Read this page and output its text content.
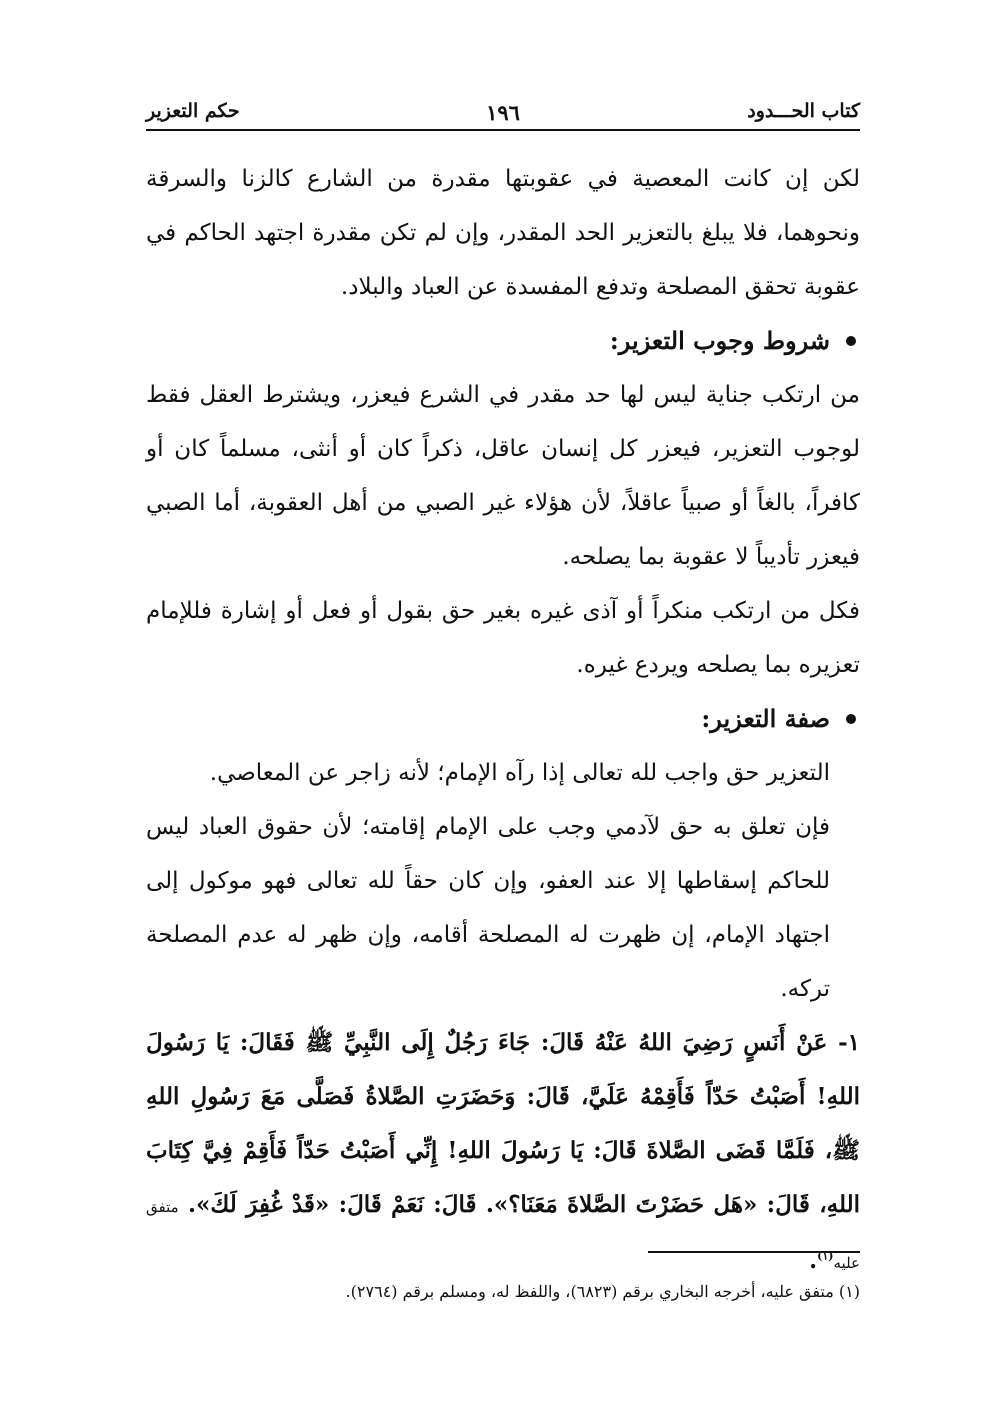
كتاب الحـــدود
١٩٦
حكم التعزير

لكن إن كانت المعصية في عقوبتها مقدرة من الشارع كالزنا والسرقة ونحوهما، فلا يبلغ بالتعزير الحد المقدر، وإن لم تكن مقدرة اجتهد الحاكم في عقوبة تحقق المصلحة وتدفع المفسدة عن العباد والبلاد.

شروط وجوب التعزير:

من ارتكب جناية ليس لها حد مقدر في الشرع فيعزر، ويشترط العقل فقط لوجوب التعزير، فيعزر كل إنسان عاقل، ذكراً كان أو أنثى، مسلماً كان أو كافراً، بالغاً أو صبياً عاقلاً، لأن هؤلاء غير الصبي من أهل العقوبة، أما الصبي فيعزر تأديباً لا عقوبة بما يصلحه.

فكل من ارتكب منكراً أو آذى غيره بغير حق بقول أو فعل أو إشارة فللإمام تعزيره بما يصلحه ويردع غيره.

صفة التعزير:

التعزير حق واجب لله تعالى إذا رآه الإمام؛ لأنه زاجر عن المعاصي.

فإن تعلق به حق لآدمي وجب على الإمام إقامته؛ لأن حقوق العباد ليس للحاكم إسقاطها إلا عند العفو، وإن كان حقاً لله تعالى فهو موكول إلى اجتهاد الإمام، إن ظهرت له المصلحة أقامه، وإن ظهر له عدم المصلحة تركه.

١- عَنْ أَنَسٍ رَضِيَ اللهُ عَنْهُ قَالَ: جَاءَ رَجُلٌ إِلَى النَّبِيِّ ﷺ فَقَالَ: يَا رَسُولَ اللهِ! أَصَبْتُ حَدّاً فَأَقِمْهُ عَلَيَّ، قَالَ: وَحَضَرَتِ الصَّلاةُ فَصَلَّى مَعَ رَسُولِ اللهِ ﷺ، فَلَمَّا قَضَى الصَّلاةَ قَالَ: يَا رَسُولَ اللهِ! إِنِّي أَصَبْتُ حَدّاً فَأَقِمْ فِيَّ كِتَابَ اللهِ، قَالَ: «هَل حَضَرْتَ الصَّلاةَ مَعَنَا؟». قَالَ: نَعَمْ قَالَ: «قَدْ غُفِرَ لَكَ». متفق عليه$^{(١)}$.

(١) متفق عليه، أخرجه البخاري برقم (٦٨٢٣)، واللفظ له، ومسلم برقم (٢٧٦٤).
